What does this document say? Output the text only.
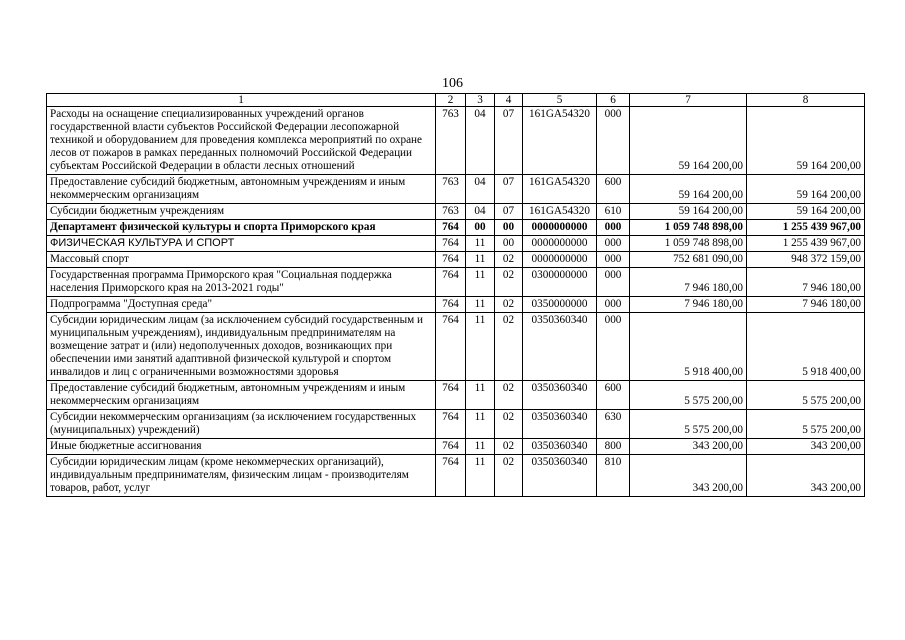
106
1	2	3	4	5	6	7	8
Расходы на оснащение специализированных учреждений органов государственной власти субъектов Российской Федерации лесопожарной техникой и оборудованием для проведения комплекса мероприятий по охране лесов от пожаров в рамках переданных полномочий Российской Федерации субъектам Российской Федерации в области лесных отношений	763	04	07	161GA54320	000	59 164 200,00	59 164 200,00
Предоставление субсидий бюджетным, автономным учреждениям и иным некоммерческим организациям	763	04	07	161GA54320	600	59 164 200,00	59 164 200,00
Субсидии бюджетным учреждениям	763	04	07	161GA54320	610	59 164 200,00	59 164 200,00
Департамент физической культуры и спорта Приморского края	764	00	00	0000000000	000	1 059 748 898,00	1 255 439 967,00
ФИЗИЧЕСКАЯ КУЛЬТУРА И СПОРТ	764	11	00	0000000000	000	1 059 748 898,00	1 255 439 967,00
Массовый спорт	764	11	02	0000000000	000	752 681 090,00	948 372 159,00
Государственная программа Приморского края "Социальная поддержка населения Приморского края на 2013-2021 годы"	764	11	02	0300000000	000	7 946 180,00	7 946 180,00
Подпрограмма "Доступная среда"	764	11	02	0350000000	000	7 946 180,00	7 946 180,00
Субсидии юридическим лицам (за исключением субсидий государственным и муниципальным учреждениям), индивидуальным предпринимателям на возмещение затрат и (или) недополученных доходов, возникающих при обеспечении ими занятий адаптивной физической культурой и спортом инвалидов и лиц с ограниченными возможностями здоровья	764	11	02	0350360340	000	5 918 400,00	5 918 400,00
Предоставление субсидий бюджетным, автономным учреждениям и иным некоммерческим организациям	764	11	02	0350360340	600	5 575 200,00	5 575 200,00
Субсидии некоммерческим организациям (за исключением государственных (муниципальных) учреждений)	764	11	02	0350360340	630	5 575 200,00	5 575 200,00
Иные бюджетные ассигнования	764	11	02	0350360340	800	343 200,00	343 200,00
Субсидии юридическим лицам (кроме некоммерческих организаций), индивидуальным предпринимателям, физическим лицам - производителям товаров, работ, услуг	764	11	02	0350360340	810	343 200,00	343 200,00
